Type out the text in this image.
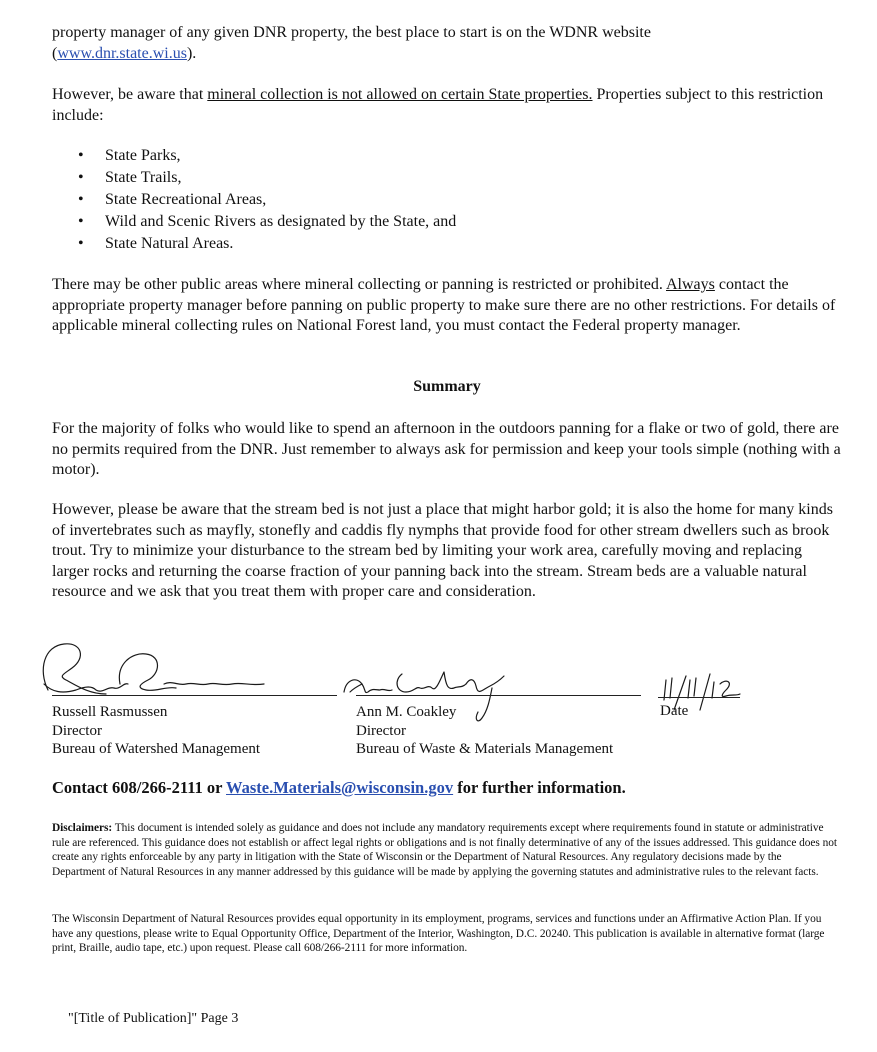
property manager of any given DNR property, the best place to start is on the WDNR website
(www.dnr.state.wi.us).

However, be aware that mineral collection is not allowed on certain State properties. Properties subject to this restriction include:

• State Parks,
• State Trails,
• State Recreational Areas,
• Wild and Scenic Rivers as designated by the State, and
• State Natural Areas.

There may be other public areas where mineral collecting or panning is restricted or prohibited. Always contact the appropriate property manager before panning on public property to make sure there are no other restrictions. For details of applicable mineral collecting rules on National Forest land, you must contact the Federal property manager.

Summary

For the majority of folks who would like to spend an afternoon in the outdoors panning for a flake or two of gold, there are no permits required from the DNR. Just remember to always ask for permission and keep your tools simple (nothing with a motor).

However, please be aware that the stream bed is not just a place that might harbor gold; it is also the home for many kinds of invertebrates such as mayfly, stonefly and caddis fly nymphs that provide food for other stream dwellers such as brook trout. Try to minimize your disturbance to the stream bed by limiting your work area, carefully moving and replacing larger rocks and returning the coarse fraction of your panning back into the stream. Stream beds are a valuable natural resource and we ask that you treat them with proper care and consideration.

Russell Rasmussen
Director
Bureau of Watershed Management
Ann M. Coakley
Director
Bureau of Waste & Materials Management
Date

Contact 608/266-2111 or Waste.Materials@wisconsin.gov for further information.

Disclaimers: This document is intended solely as guidance and does not include any mandatory requirements except where requirements found in statute or administrative rule are referenced. This guidance does not establish or affect legal rights or obligations and is not finally determinative of any of the issues addressed. This guidance does not create any rights enforceable by any party in litigation with the State of Wisconsin or the Department of Natural Resources. Any regulatory decisions made by the Department of Natural Resources in any manner addressed by this guidance will be made by applying the governing statutes and administrative rules to the relevant facts.

The Wisconsin Department of Natural Resources provides equal opportunity in its employment, programs, services and functions under an Affirmative Action Plan. If you have any questions, please write to Equal Opportunity Office, Department of the Interior, Washington, D.C. 20240. This publication is available in alternative format (large print, Braille, audio tape, etc.) upon request. Please call 608/266-2111 for more information.

"[Title of Publication]" Page 3
